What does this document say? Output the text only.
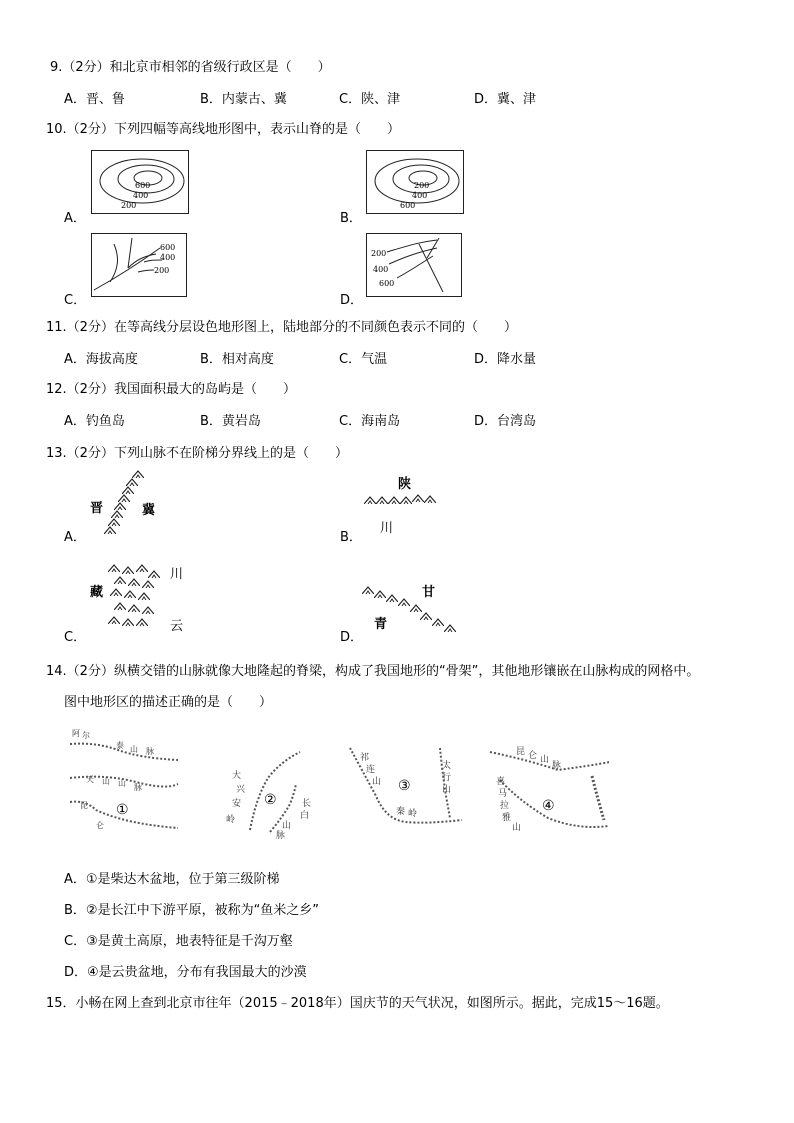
9.（2分）和北京市相邻的省级行政区是（　　）
A．晋、鲁	B．内蒙古、冀	C．陕、津	D．冀、津
10.（2分）下列四幅等高线地形图中，表示山脊的是（　　）
A．
600
400
200
B．
200
400
600
C．
600
400
200
D．
200
400
600
11.（2分）在等高线分层设色地形图上，陆地部分的不同颜色表示不同的（　　）
A．海拔高度	B．相对高度	C．气温	D．降水量
12.（2分）我国面积最大的岛屿是（　　）
A．钓鱼岛	B．黄岩岛	C．海南岛	D．台湾岛
13.（2分）下列山脉不在阶梯分界线上的是（　　）
A．
晋	冀
B．
陕
川
C．
川
藏
云
D．
甘
青
14.（2分）纵横交错的山脉就像大地隆起的脊梁，构成了我国地形的“骨架”，其他地形镶嵌在山脉构成的网格中。
图中地形区的描述正确的是（　　）
阿 尔
泰 山 脉
天 山 山 脉
昆
仑
①
大
兴
安
岭
长
白
山
脉
②
祁
连
山
秦 岭
太
行
山
③
昆 仑 山
脉
喜
马
拉
雅
山
④
A．①是柴达木盆地，位于第三级阶梯
B．②是长江中下游平原，被称为“鱼米之乡”
C．③是黄土高原，地表特征是千沟万壑
D．④是云贵盆地，分布有我国最大的沙漠
15．小畅在网上查到北京市往年（2015﹣2018年）国庆节的天气状况，如图所示。据此，完成15～16题。
